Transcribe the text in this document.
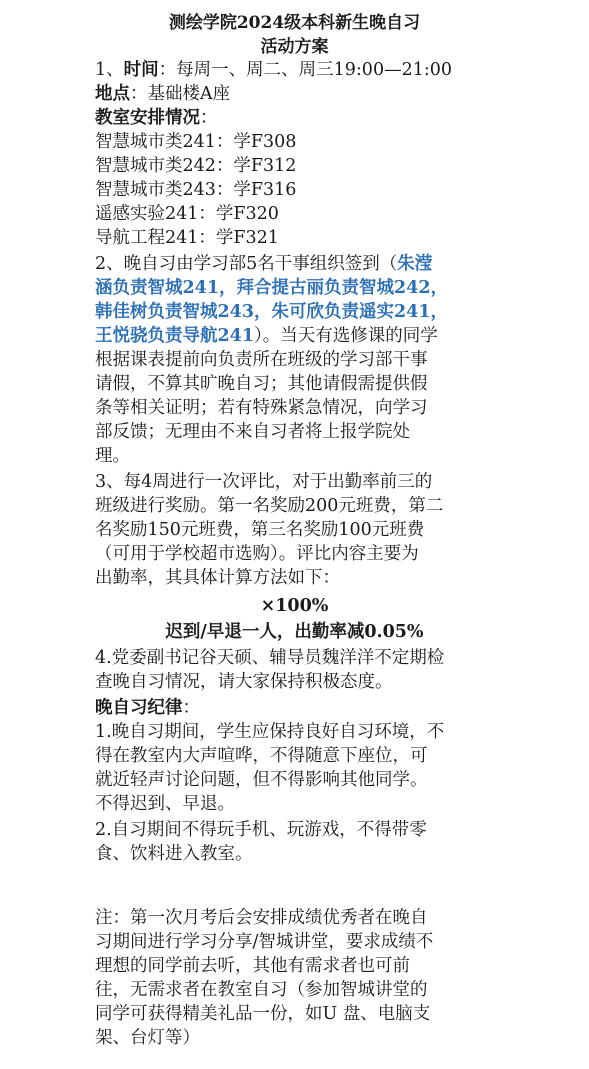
测绘学院2024级本科新生晚自习
活动方案
1、时间：每周一、周二、周三19:00—21:00
地点：基础楼A座
教室安排情况：
智慧城市类241：学F308
智慧城市类242：学F312
智慧城市类243：学F316
遥感实验241：学F320
导航工程241：学F321
2、晚自习由学习部5名干事组织签到（朱滢
涵负责智城241，拜合提古丽负责智城242，
韩佳树负责智城243，朱可欣负责遥实241，
王悦骁负责导航241）。当天有选修课的同学
根据课表提前向负责所在班级的学习部干事
请假，不算其旷晚自习；其他请假需提供假
条等相关证明；若有特殊紧急情况，向学习
部反馈；无理由不来自习者将上报学院处
理。
3、每4周进行一次评比，对于出勤率前三的
班级进行奖励。第一名奖励200元班费，第二
名奖励150元班费，第三名奖励100元班费
（可用于学校超市选购）。评比内容主要为
出勤率，其具体计算方法如下：
×100%
迟到/早退一人，出勤率减0.05%
4.党委副书记谷天硕、辅导员魏洋洋不定期检
查晚自习情况，请大家保持积极态度。
晚自习纪律：
1.晚自习期间，学生应保持良好自习环境，不
得在教室内大声喧哗，不得随意下座位，可
就近轻声讨论问题，但不得影响其他同学。
不得迟到、早退。
2.自习期间不得玩手机、玩游戏，不得带零
食、饮料进入教室。
注：第一次月考后会安排成绩优秀者在晚自
习期间进行学习分享/智城讲堂，要求成绩不
理想的同学前去听，其他有需求者也可前
往，无需求者在教室自习（参加智城讲堂的
同学可获得精美礼品一份，如U 盘、电脑支
架、台灯等）
